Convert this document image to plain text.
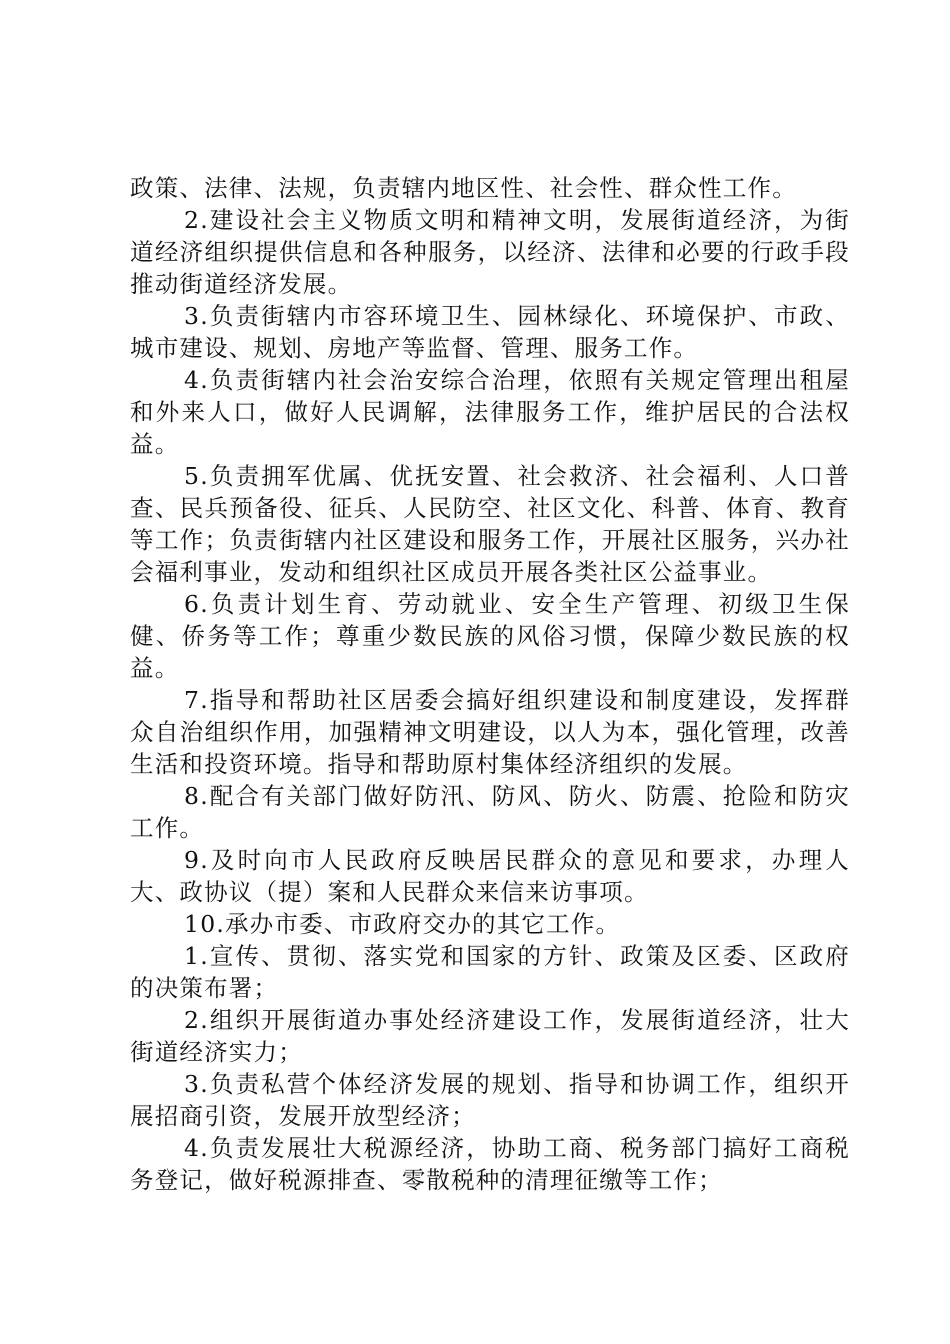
政策、法律、法规，负责辖内地区性、社会性、群众性工作。

2.建设社会主义物质文明和精神文明，发展街道经济，为街道经济组织提供信息和各种服务，以经济、法律和必要的行政手段推动街道经济发展。

3.负责街辖内市容环境卫生、园林绿化、环境保护、市政、城市建设、规划、房地产等监督、管理、服务工作。

4.负责街辖内社会治安综合治理，依照有关规定管理出租屋和外来人口，做好人民调解，法律服务工作，维护居民的合法权益。

5.负责拥军优属、优抚安置、社会救济、社会福利、人口普查、民兵预备役、征兵、人民防空、社区文化、科普、体育、教育等工作；负责街辖内社区建设和服务工作，开展社区服务，兴办社会福利事业，发动和组织社区成员开展各类社区公益事业。

6.负责计划生育、劳动就业、安全生产管理、初级卫生保健、侨务等工作；尊重少数民族的风俗习惯，保障少数民族的权益。

7.指导和帮助社区居委会搞好组织建设和制度建设，发挥群众自治组织作用，加强精神文明建设，以人为本，强化管理，改善生活和投资环境。指导和帮助原村集体经济组织的发展。

8.配合有关部门做好防汛、防风、防火、防震、抢险和防灾工作。

9.及时向市人民政府反映居民群众的意见和要求，办理人大、政协议（提）案和人民群众来信来访事项。

10.承办市委、市政府交办的其它工作。

1.宣传、贯彻、落实党和国家的方针、政策及区委、区政府的决策布署；

2.组织开展街道办事处经济建设工作，发展街道经济，壮大街道经济实力；

3.负责私营个体经济发展的规划、指导和协调工作，组织开展招商引资，发展开放型经济；

4.负责发展壮大税源经济，协助工商、税务部门搞好工商税务登记，做好税源排查、零散税种的清理征缴等工作；
